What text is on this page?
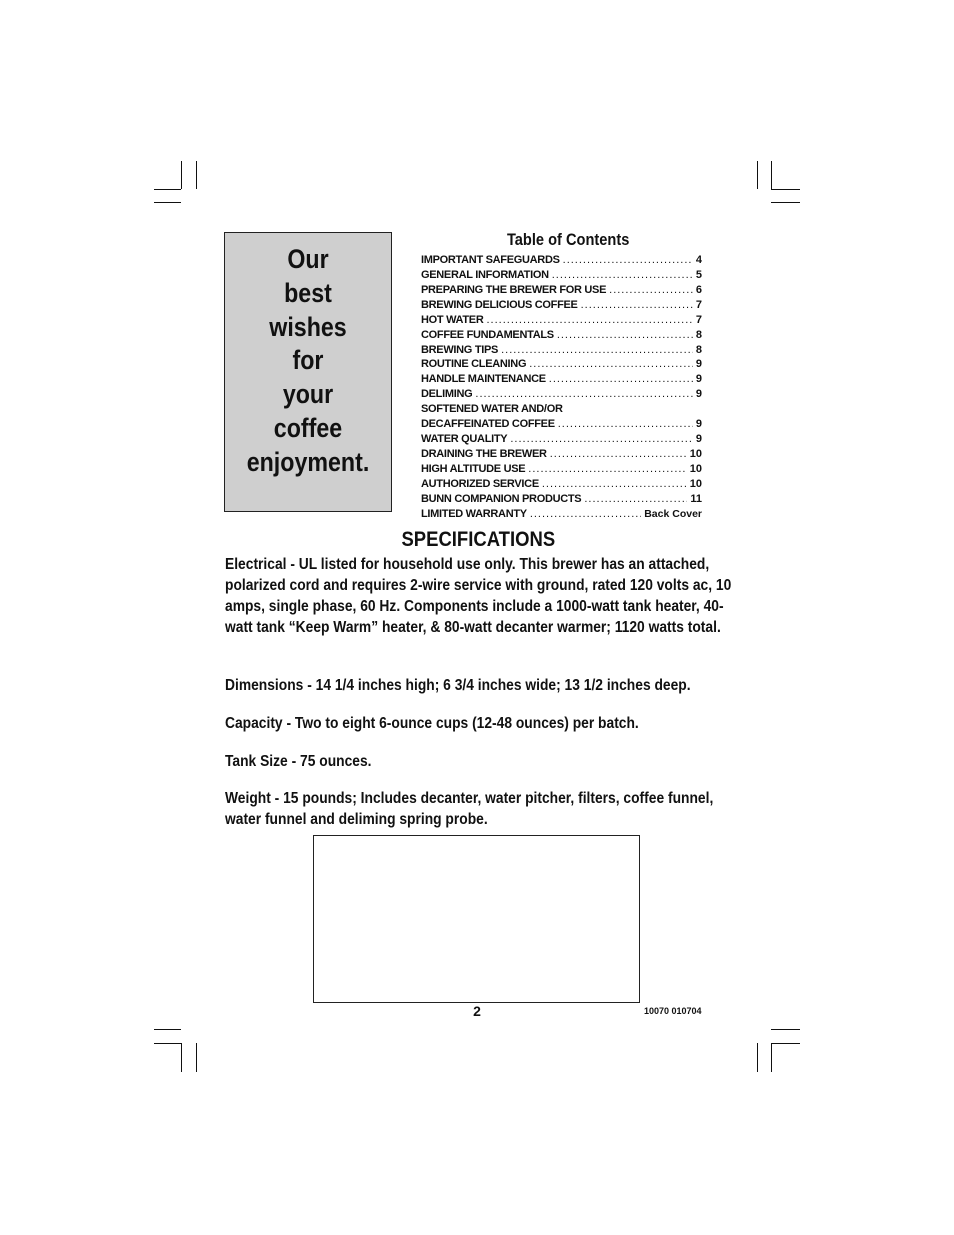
Our
best
wishes
for
your
coffee
enjoyment.
Table of Contents
IMPORTANT SAFEGUARDS .....	4
GENERAL INFORMATION .....	5
PREPARING THE BREWER FOR USE .....	6
BREWING DELICIOUS COFFEE .....	7
HOT WATER .....	7
COFFEE FUNDAMENTALS .....	8
BREWING TIPS .....	8
ROUTINE CLEANING .....	9
HANDLE MAINTENANCE .....	9
DELIMING .....	9
SOFTENED WATER AND/OR
DECAFFEINATED COFFEE .....	9
WATER QUALITY .....	9
DRAINING THE BREWER .....	10
HIGH ALTITUDE USE .....	10
AUTHORIZED SERVICE .....	10
BUNN COMPANION PRODUCTS .....	11
LIMITED WARRANTY .....	Back Cover
SPECIFICATIONS

Electrical - UL listed for household use only. This brewer has an attached, polarized cord and requires 2-wire service with ground, rated 120 volts ac, 10 amps, single phase, 60 Hz. Components include a 1000-watt tank heater, 40-watt tank “Keep Warm” heater, & 80-watt decanter warmer; 1120 watts total.

Dimensions - 14 1/4 inches high; 6 3/4 inches wide; 13 1/2 inches deep.

Capacity - Two to eight 6-ounce cups (12-48 ounces) per batch.

Tank Size - 75 ounces.

Weight - 15 pounds; Includes decanter, water pitcher, filters, coffee funnel, water funnel and deliming spring probe.

2	10070 010704
